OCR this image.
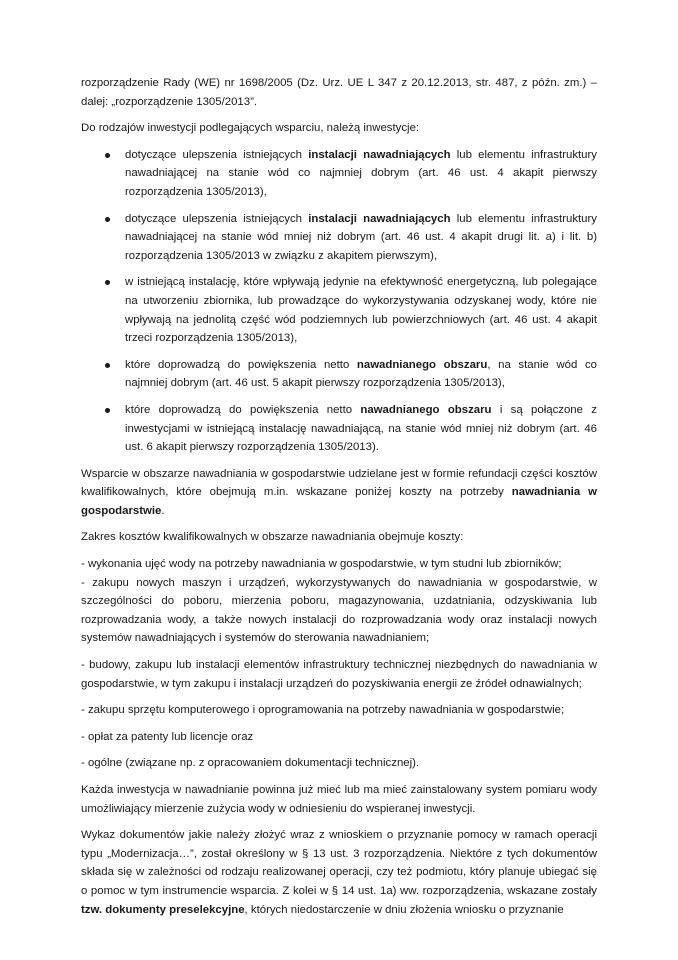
rozporządzenie Rady (WE) nr 1698/2005 (Dz. Urz. UE L 347 z 20.12.2013, str. 487, z późn. zm.) – dalej: „rozporządzenie 1305/2013”.

Do rodzajów inwestycji podlegających wsparciu, należą inwestycje:

dotyczące ulepszenia istniejących instalacji nawadniających lub elementu infrastruktury nawadniającej na stanie wód co najmniej dobrym (art. 46 ust. 4 akapit pierwszy rozporządzenia 1305/2013),
dotyczące ulepszenia istniejących instalacji nawadniających lub elementu infrastruktury nawadniającej na stanie wód mniej niż dobrym (art. 46 ust. 4 akapit drugi lit. a) i lit. b) rozporządzenia 1305/2013 w związku z akapitem pierwszym),
w istniejącą instalację, które wpływają jedynie na efektywność energetyczną, lub polegające na utworzeniu zbiornika, lub prowadzące do wykorzystywania odzyskanej wody, które nie wpływają na jednolitą część wód podziemnych lub powierzchniowych (art. 46 ust. 4 akapit trzeci rozporządzenia 1305/2013),
które doprowadzą do powiększenia netto nawadnianego obszaru, na stanie wód co najmniej dobrym (art. 46 ust. 5 akapit pierwszy rozporządzenia 1305/2013),
które doprowadzą do powiększenia netto nawadnianego obszaru i są połączone z inwestycjami w istniejącą instalację nawadniającą, na stanie wód mniej niż dobrym (art. 46 ust. 6 akapit pierwszy rozporządzenia 1305/2013).

Wsparcie w obszarze nawadniania w gospodarstwie udzielane jest w formie refundacji części kosztów kwalifikowalnych, które obejmują m.in. wskazane poniżej koszty na potrzeby nawadniania w gospodarstwie.

Zakres kosztów kwalifikowalnych w obszarze nawadniania obejmuje koszty:

- wykonania ujęć wody na potrzeby nawadniania w gospodarstwie, w tym studni lub zbiorników;

- zakupu nowych maszyn i urządzeń, wykorzystywanych do nawadniania w gospodarstwie, w szczególności do poboru, mierzenia poboru, magazynowania, uzdatniania, odzyskiwania lub rozprowadzania wody, a także nowych instalacji do rozprowadzania wody oraz instalacji nowych systemów nawadniających i systemów do sterowania nawadnianiem;

- budowy, zakupu lub instalacji elementów infrastruktury technicznej niezbędnych do nawadniania w gospodarstwie, w tym zakupu i instalacji urządzeń do pozyskiwania energii ze źródeł odnawialnych;

- zakupu sprzętu komputerowego i oprogramowania na potrzeby nawadniania w gospodarstwie;

- opłat za patenty lub licencje oraz

- ogólne (związane np. z opracowaniem dokumentacji technicznej).

Każda inwestycja w nawadnianie powinna już mieć lub ma mieć zainstalowany system pomiaru wody umożliwiający mierzenie zużycia wody w odniesieniu do wspieranej inwestycji.

Wykaz dokumentów jakie należy złożyć wraz z wnioskiem o przyznanie pomocy w ramach operacji typu „Modernizacja…”, został określony w § 13 ust. 3 rozporządzenia. Niektóre z tych dokumentów składa się w zależności od rodzaju realizowanej operacji, czy też podmiotu, który planuje ubiegać się o pomoc w tym instrumencie wsparcia. Z kolei w § 14 ust. 1a) ww. rozporządzenia, wskazane zostały tzw. dokumenty preselekcyjne, których niedostarczenie w dniu złożenia wniosku o przyznanie
